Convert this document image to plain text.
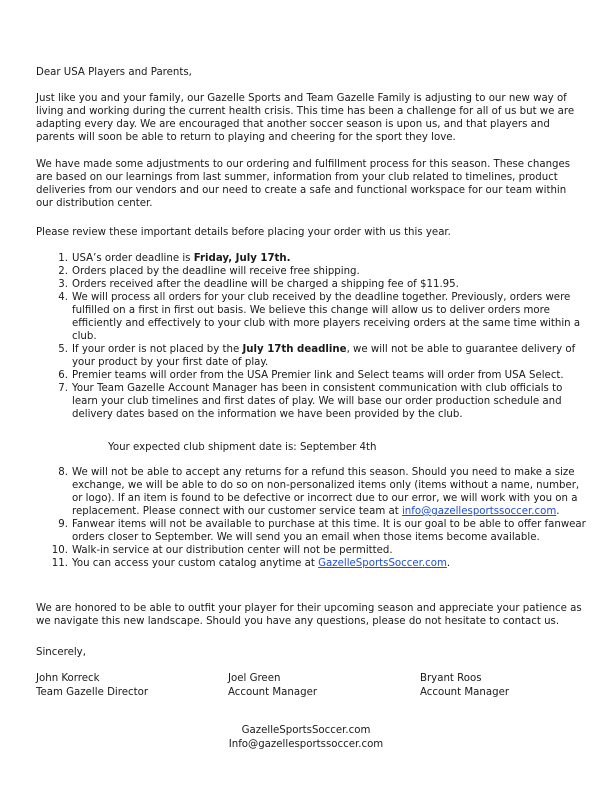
Dear USA Players and Parents,

Just like you and your family, our Gazelle Sports and Team Gazelle Family is adjusting to our new way of living and working during the current health crisis. This time has been a challenge for all of us but we are adapting every day. We are encouraged that another soccer season is upon us, and that players and parents will soon be able to return to playing and cheering for the sport they love.

We have made some adjustments to our ordering and fulfillment process for this season. These changes are based on our learnings from last summer, information from your club related to timelines, product deliveries from our vendors and our need to create a safe and functional workspace for our team within our distribution center.

Please review these important details before placing your order with us this year.

1. USA’s order deadline is Friday, July 17th.
2. Orders placed by the deadline will receive free shipping.
3. Orders received after the deadline will be charged a shipping fee of $11.95.
4. We will process all orders for your club received by the deadline together. Previously, orders were fulfilled on a first in first out basis. We believe this change will allow us to deliver orders more efficiently and effectively to your club with more players receiving orders at the same time within a club.
5. If your order is not placed by the July 17th deadline, we will not be able to guarantee delivery of your product by your first date of play.
6. Premier teams will order from the USA Premier link and Select teams will order from USA Select.
7. Your Team Gazelle Account Manager has been in consistent communication with club officials to learn your club timelines and first dates of play. We will base our order production schedule and delivery dates based on the information we have been provided by the club.
Your expected club shipment date is: September 4th
8. We will not be able to accept any returns for a refund this season. Should you need to make a size exchange, we will be able to do so on non-personalized items only (items without a name, number, or logo). If an item is found to be defective or incorrect due to our error, we will work with you on a replacement. Please connect with our customer service team at info@gazellesportssoccer.com.
9. Fanwear items will not be available to purchase at this time. It is our goal to be able to offer fanwear orders closer to September. We will send you an email when those items become available.
10. Walk-in service at our distribution center will not be permitted.
11. You can access your custom catalog anytime at GazelleSportsSoccer.com.

We are honored to be able to outfit your player for their upcoming season and appreciate your patience as we navigate this new landscape. Should you have any questions, please do not hesitate to contact us.

Sincerely,

John Korreck
Team Gazelle Director
Joel Green
Account Manager
Bryant Roos
Account Manager
GazelleSportsSoccer.com
Info@gazellesportssoccer.com
